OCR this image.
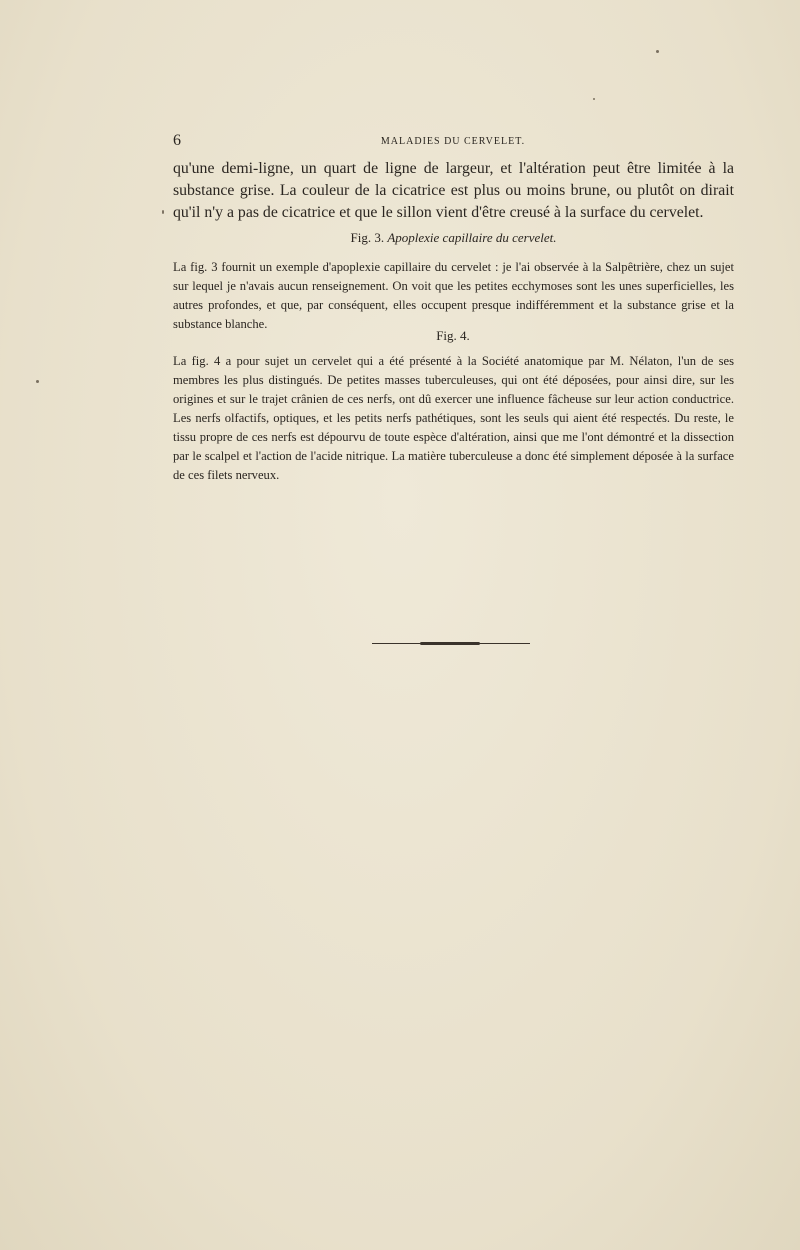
6	MALADIES DU CERVELET.

qu'une demi-ligne, un quart de ligne de largeur, et l'altération peut être limitée à la substance grise. La couleur de la cicatrice est plus ou moins brune, ou plutôt on dirait qu'il n'y a pas de cicatrice et que le sillon vient d'être creusé à la surface du cervelet.

Fig. 3. Apoplexie capillaire du cervelet.

La fig. 3 fournit un exemple d'apoplexie capillaire du cervelet : je l'ai observée à la Salpêtrière, chez un sujet sur lequel je n'avais aucun renseignement. On voit que les petites ecchymoses sont les unes superficielles, les autres profondes, et que, par conséquent, elles occupent presque indifféremment et la substance grise et la substance blanche.

Fig. 4.

La fig. 4 a pour sujet un cervelet qui a été présenté à la Société anatomique par M. Nélaton, l'un de ses membres les plus distingués. De petites masses tuberculeuses, qui ont été déposées, pour ainsi dire, sur les origines et sur le trajet crânien de ces nerfs, ont dû exercer une influence fâcheuse sur leur action conductrice. Les nerfs olfactifs, optiques, et les petits nerfs pathétiques, sont les seuls qui aient été respectés. Du reste, le tissu propre de ces nerfs est dépourvu de toute espèce d'altération, ainsi que me l'ont démontré et la dissection par le scalpel et l'action de l'acide nitrique. La matière tuberculeuse a donc été simplement déposée à la surface de ces filets nerveux.
